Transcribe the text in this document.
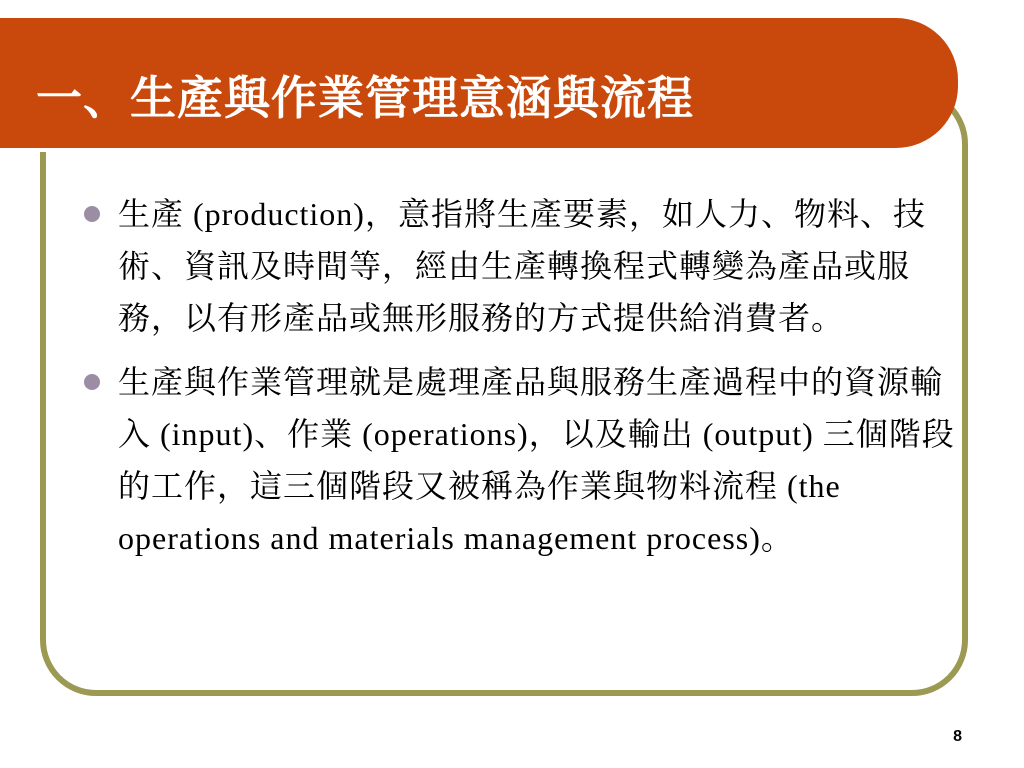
一、生產與作業管理意涵與流程
生產 (production)，意指將生產要素，如人力、物料、技術、資訊及時間等，經由生產轉換程式轉變為產品或服務，以有形產品或無形服務的方式提供給消費者。
生產與作業管理就是處理產品與服務生產過程中的資源輸入 (input)、作業 (operations)，以及輸出 (output) 三個階段的工作，這三個階段又被稱為作業與物料流程 (the operations and materials management process)。
8
